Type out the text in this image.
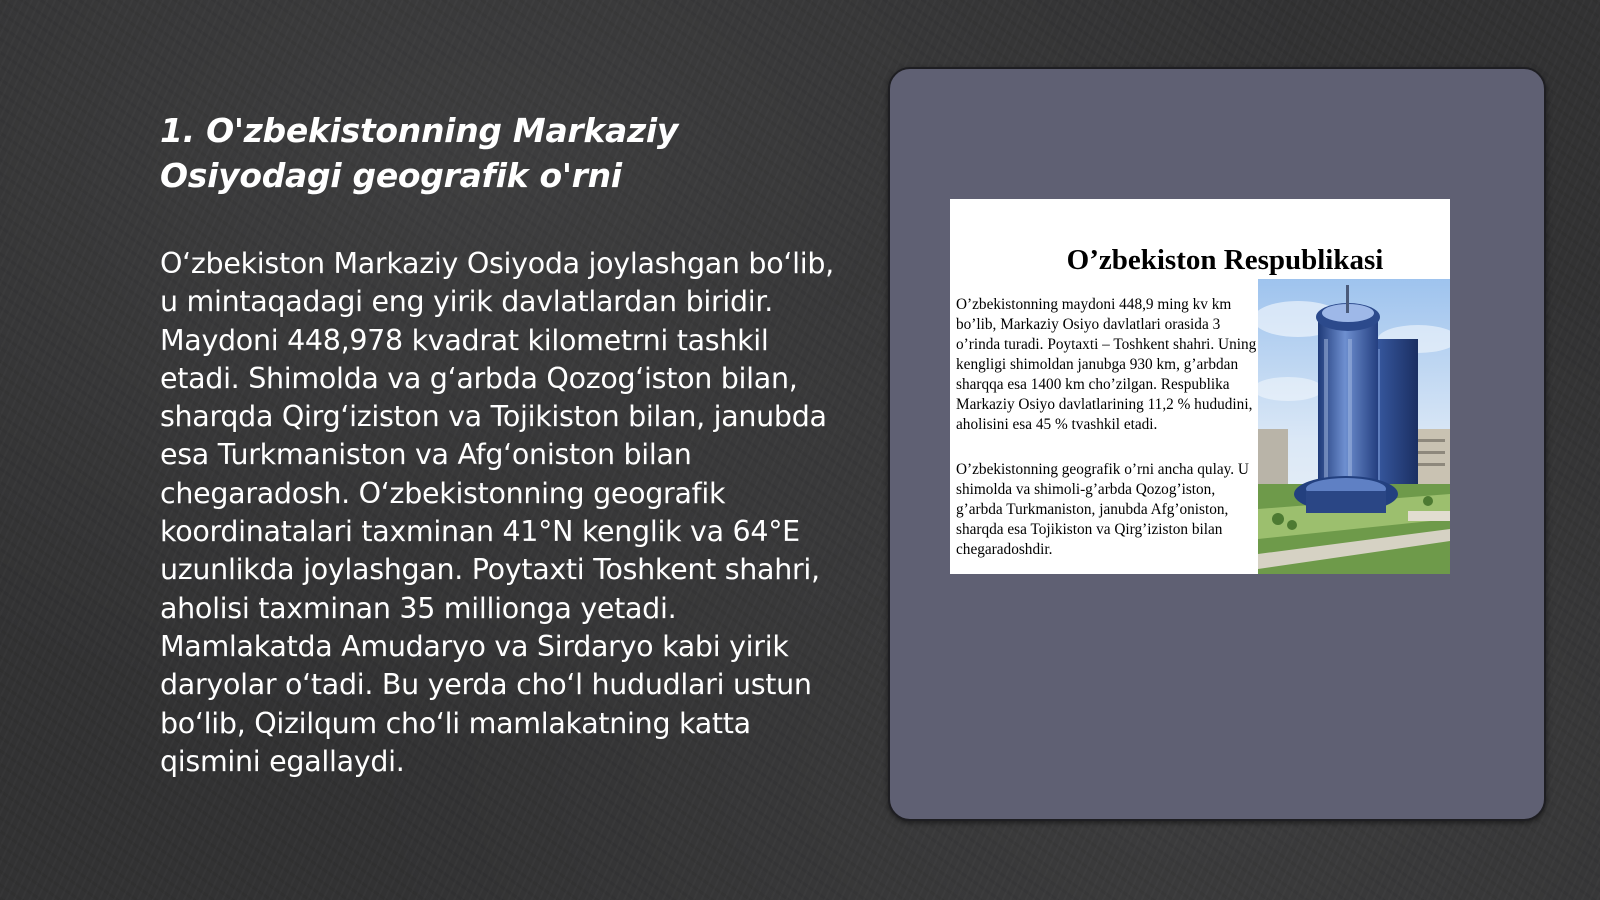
1. O'zbekistonning Markaziy Osiyodagi geografik o'rni

O‘zbekiston Markaziy Osiyoda joylashgan bo‘lib, u mintaqadagi eng yirik davlatlardan biridir. Maydoni 448,978 kvadrat kilometrni tashkil etadi. Shimolda va g‘arbda Qozog‘iston bilan, sharqda Qirg‘iziston va Tojikiston bilan, janubda esa Turkmaniston va Afg‘oniston bilan chegaradosh. O‘zbekistonning geografik koordinatalari taxminan 41°N kenglik va 64°E uzunlikda joylashgan. Poytaxti Toshkent shahri, aholisi taxminan 35 millionga yetadi. Mamlakatda Amudaryo va Sirdaryo kabi yirik daryolar o‘tadi. Bu yerda cho‘l hududlari ustun bo‘lib, Qizilqum cho‘li mamlakatning katta qismini egallaydi.

O’zbekiston Respublikasi

O’zbekistonning maydoni 448,9 ming kv km bo’lib, Markaziy Osiyo davlatlari orasida 3 o’rinda turadi. Poytaxti – Toshkent shahri. Uning kengligi shimoldan janubga 930 km, g’arbdan sharqqa esa 1400 km cho’zilgan. Respublika Markaziy Osiyo davlatlarining 11,2 % hududini, aholisini esa 45 % tvashkil etadi.

O’zbekistonning geografik o’rni ancha qulay. U shimolda va shimoli-g’arbda Qozog’iston, g’arbda Turkmaniston, janubda Afg’oniston, sharqda esa Tojikiston va Qirg’iziston bilan chegaradoshdir.
